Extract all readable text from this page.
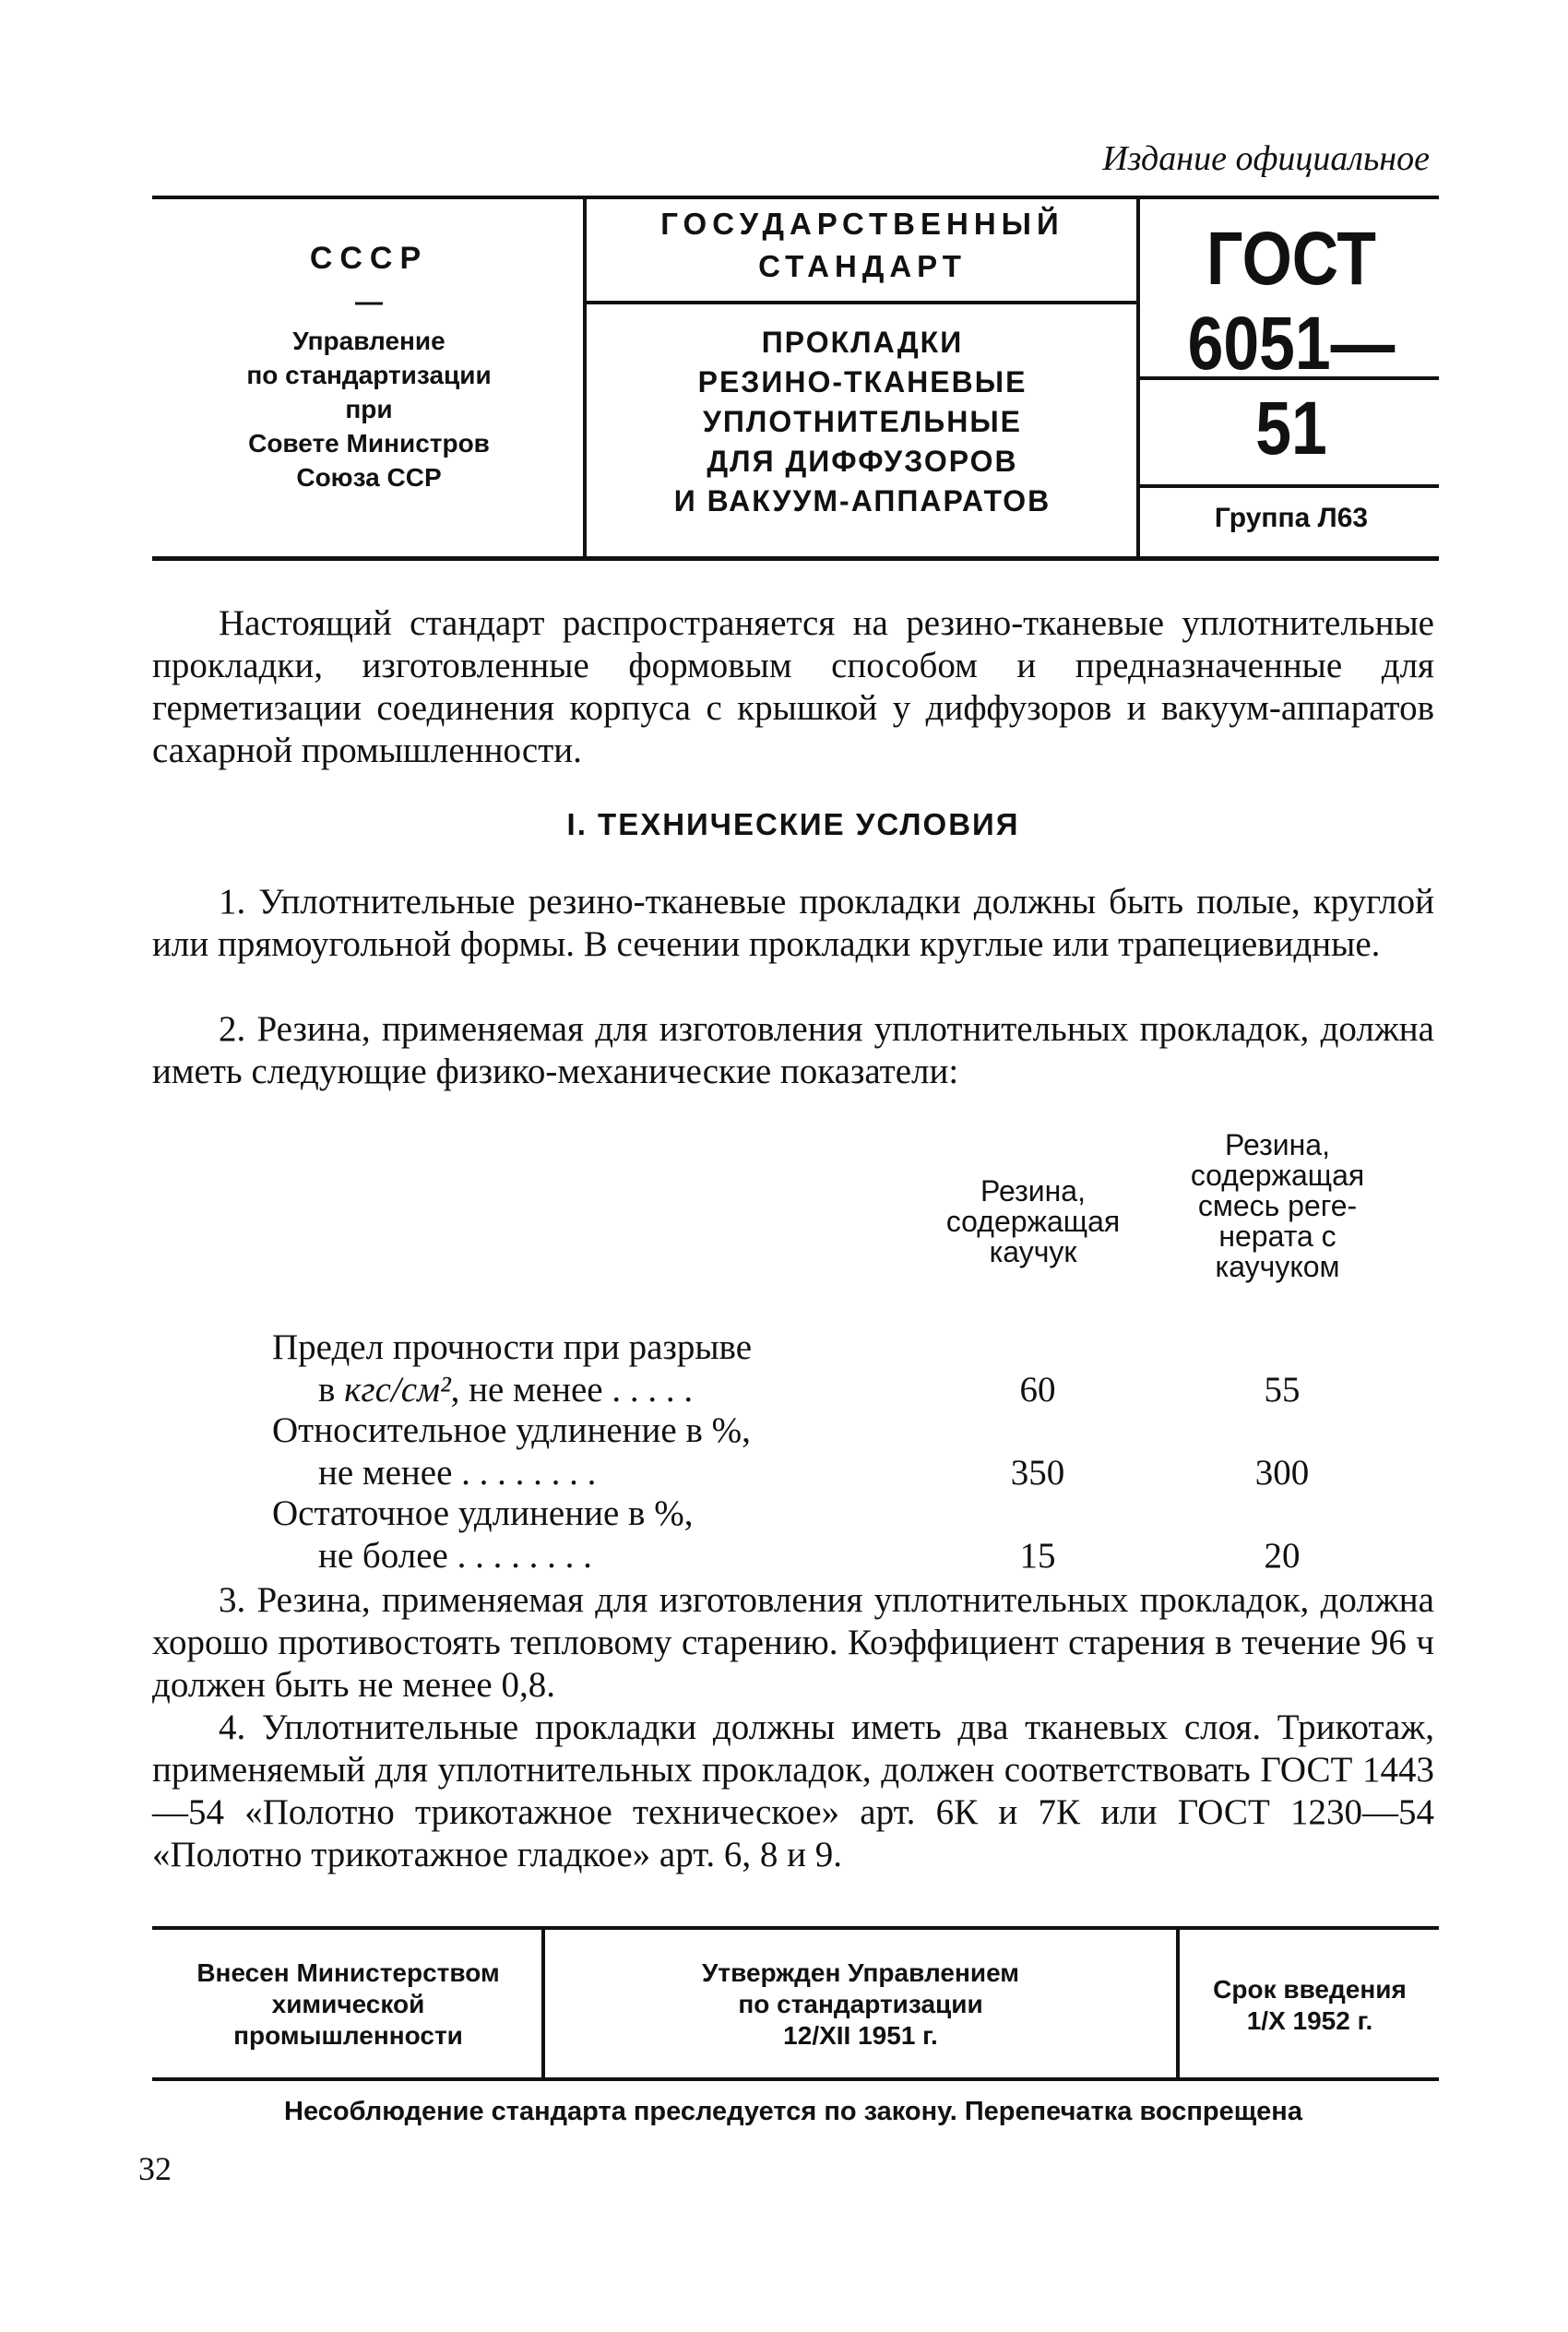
Издание официальное
СССР
—
Управление
по стандартизации
при
Совете Министров
Союза ССР
ГОСУДАРСТВЕННЫЙ
СТАНДАРТ
ПРОКЛАДКИ
РЕЗИНО-ТКАНЕВЫЕ
УПЛОТНИТЕЛЬНЫЕ
ДЛЯ ДИФФУЗОРОВ
И ВАКУУМ-АППАРАТОВ
ГОСТ
6051—51
Группа Л63
Настоящий стандарт распространяется на резино-тканевые уплотнительные прокладки, изготовленные формовым способом и предназначенные для герметизации соединения корпуса с крышкой у диффузоров и вакуум-аппаратов сахарной промышленности.
I. ТЕХНИЧЕСКИЕ УСЛОВИЯ
1. Уплотнительные резино-тканевые прокладки должны быть полые, круглой или прямоугольной формы. В сечении прокладки круглые или трапециевидные.
2. Резина, применяемая для изготовления уплотнительных прокладок, должна иметь следующие физико-механические показатели:
Резина,
содержащая
каучук
Резина,
содержащая
смесь реге-
нерата с
каучуком
Предел прочности при разрыве
в кгс/см², не менее . . . . .	60	55
Относительное удлинение в %,
не менее . . . . . . . .	350	300
Остаточное удлинение в %,
не более . . . . . . . .	15	20
3. Резина, применяемая для изготовления уплотнительных прокладок, должна хорошо противостоять тепловому старению. Коэффициент старения в течение 96 ч должен быть не менее 0,8.
4. Уплотнительные прокладки должны иметь два тканевых слоя. Трикотаж, применяемый для уплотнительных прокладок, должен соответствовать ГОСТ 1443—54 «Полотно трикотажное техническое» арт. 6К и 7К или ГОСТ 1230—54 «Полотно трикотажное гладкое» арт. 6, 8 и 9.
Внесен Министерством
химической
промышленности
Утвержден Управлением
по стандартизации
12/XII 1951 г.
Срок введения
1/X 1952 г.
Несоблюдение стандарта преследуется по закону. Перепечатка воспрещена
32
